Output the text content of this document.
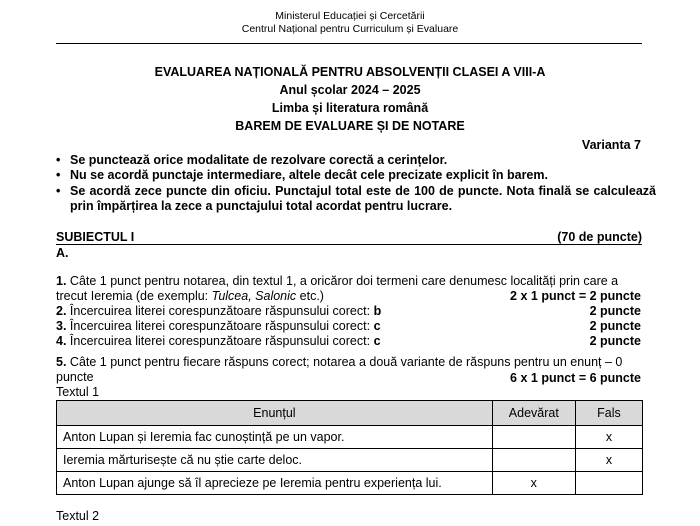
Ministerul Educației și Cercetării
Centrul Național pentru Curriculum și Evaluare
EVALUAREA NAȚIONALĂ PENTRU ABSOLVENȚII CLASEI A VIII-A
Anul școlar 2024 – 2025
Limba și literatura română
BAREM DE EVALUARE ȘI DE NOTARE
Varianta 7
• Se punctează orice modalitate de rezolvare corectă a cerințelor.
• Nu se acordă punctaje intermediare, altele decât cele precizate explicit în barem.
• Se acordă zece puncte din oficiu. Punctajul total este de 100 de puncte. Nota finală se calculează prin împărțirea la zece a punctajului total acordat pentru lucrare.
SUBIECTUL I	(70 de puncte)
A.
1. Câte 1 punct pentru notarea, din textul 1, a oricăror doi termeni care denumesc localități prin care a trecut Ieremia (de exemplu: Tulcea, Salonic etc.)	2 x 1 punct = 2 puncte
2. Încercuirea literei corespunzătoare răspunsului corect: b	2 puncte
3. Încercuirea literei corespunzătoare răspunsului corect: c	2 puncte
4. Încercuirea literei corespunzătoare răspunsului corect: c	2 puncte
5. Câte 1 punct pentru fiecare răspuns corect; notarea a două variante de răspuns pentru un enunț – 0 puncte	6 x 1 punct = 6 puncte
Textul 1
Enunțul	Adevărat	Fals
Anton Lupan și Ieremia fac cunoștință pe un vapor.		x
Ieremia mărturisește că nu știe carte deloc.		x
Anton Lupan ajunge să îl aprecieze pe Ieremia pentru experiența lui.	x	
Textul 2
